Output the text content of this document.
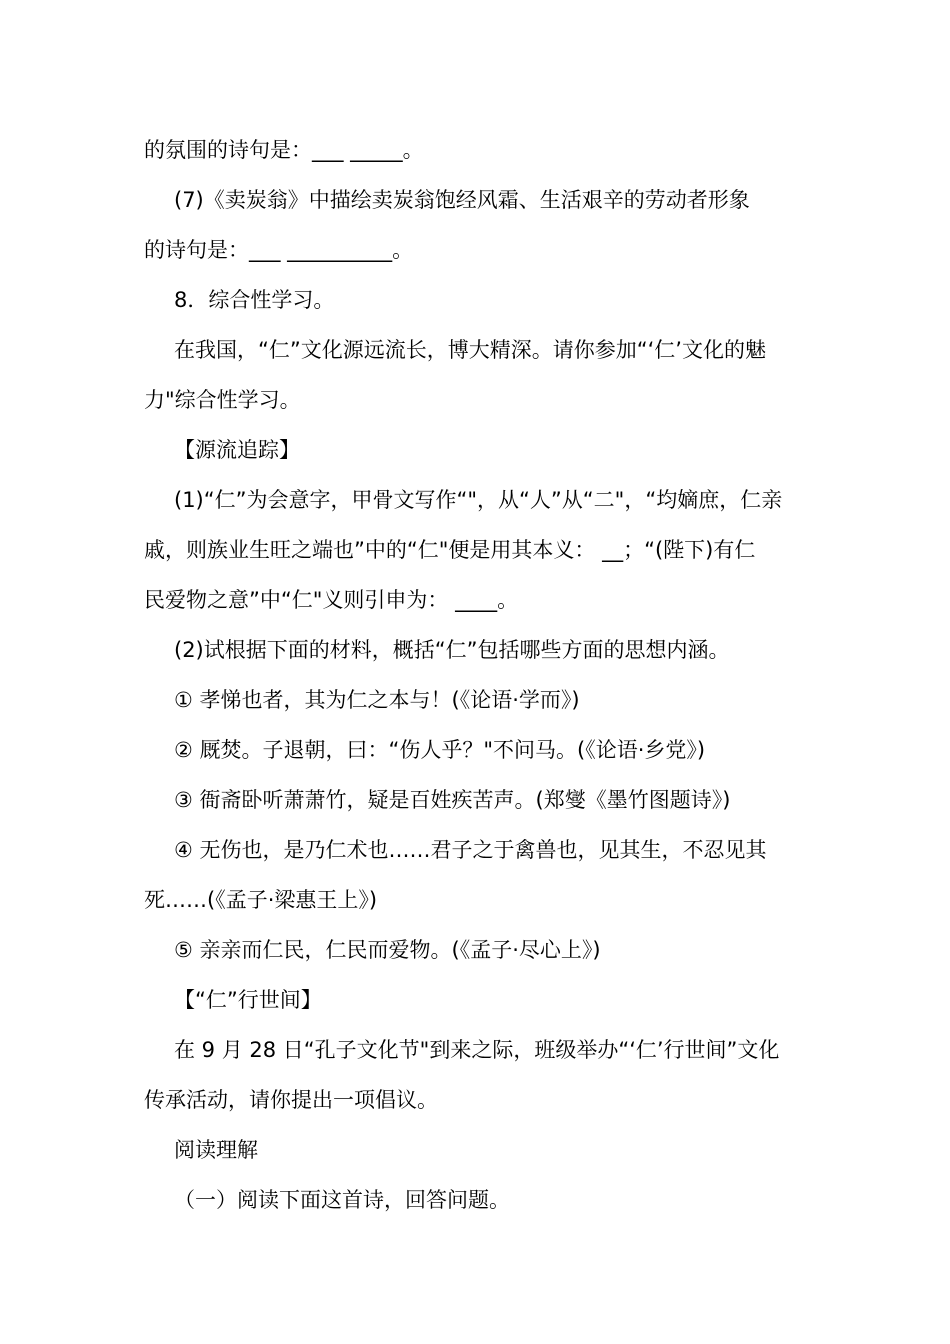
的氛围的诗句是：___ _____。
(7)《卖炭翁》中描绘卖炭翁饱经风霜、生活艰辛的劳动者形象
的诗句是：___ __________。
8．综合性学习。
在我国，“仁”文化源远流长，博大精深。请你参加“‘仁’文化的魅
力"综合性学习。
【源流追踪】
(1)“仁”为会意字，甲骨文写作“"，从“人”从“二"，“均嫡庶，仁亲
戚，则族业生旺之端也”中的“仁"便是用其本义： __；“(陛下)有仁
民爱物之意”中“仁"义则引申为： ____。
(2)试根据下面的材料，概括“仁”包括哪些方面的思想内涵。
① 孝悌也者，其为仁之本与！(《论语·学而》)
② 厩焚。子退朝，曰：“伤人乎？"不问马。(《论语·乡党》)
③ 衙斋卧听萧萧竹，疑是百姓疾苦声。(郑燮《墨竹图题诗》)
④ 无伤也，是乃仁术也……君子之于禽兽也，见其生，不忍见其
死……(《孟子·梁惠王上》)
⑤ 亲亲而仁民，仁民而爱物。(《孟子·尽心上》)
【“仁”行世间】
在 9 月 28 日“孔子文化节"到来之际，班级举办“‘仁’行世间”文化
传承活动，请你提出一项倡议。
阅读理解
（一）阅读下面这首诗，回答问题。
